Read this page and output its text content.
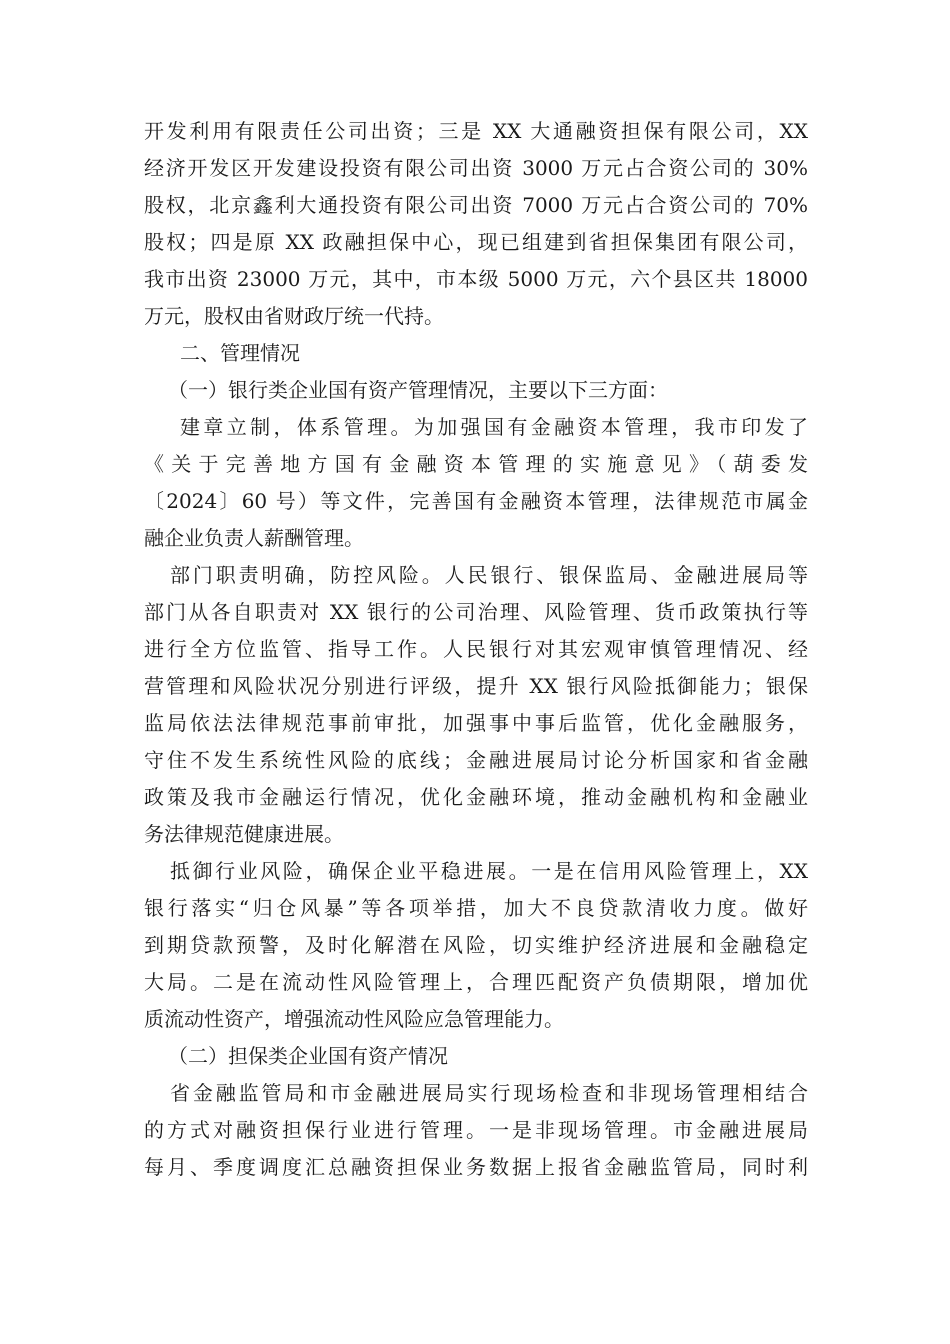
开发利用有限责任公司出资；三是 XX 大通融资担保有限公司，XX
经济开发区开发建设投资有限公司出资 3000 万元占合资公司的 30%
股权，北京鑫利大通投资有限公司出资 7000 万元占合资公司的 70%
股权；四是原 XX 政融担保中心，现已组建到省担保集团有限公司，
我市出资 23000 万元，其中，市本级 5000 万元，六个县区共 18000
万元，股权由省财政厅统一代持。
二、管理情况
（一）银行类企业国有资产管理情况，主要以下三方面：
建章立制，体系管理。为加强国有金融资本管理，我市印发了
《关于完善地方国有金融资本管理的实施意见》（葫委发
〔2024〕60 号）等文件，完善国有金融资本管理，法律规范市属金
融企业负责人薪酬管理。
部门职责明确，防控风险。人民银行、银保监局、金融进展局等
部门从各自职责对 XX 银行的公司治理、风险管理、货币政策执行等
进行全方位监管、指导工作。人民银行对其宏观审慎管理情况、经
营管理和风险状况分别进行评级，提升 XX 银行风险抵御能力；银保
监局依法法律规范事前审批，加强事中事后监管，优化金融服务，
守住不发生系统性风险的底线；金融进展局讨论分析国家和省金融
政策及我市金融运行情况，优化金融环境，推动金融机构和金融业
务法律规范健康进展。
抵御行业风险，确保企业平稳进展。一是在信用风险管理上，XX
银行落实“归仓风暴”等各项举措，加大不良贷款清收力度。做好
到期贷款预警，及时化解潜在风险，切实维护经济进展和金融稳定
大局。二是在流动性风险管理上，合理匹配资产负债期限，增加优
质流动性资产，增强流动性风险应急管理能力。
（二）担保类企业国有资产情况
省金融监管局和市金融进展局实行现场检查和非现场管理相结合
的方式对融资担保行业进行管理。一是非现场管理。市金融进展局
每月、季度调度汇总融资担保业务数据上报省金融监管局，同时利
